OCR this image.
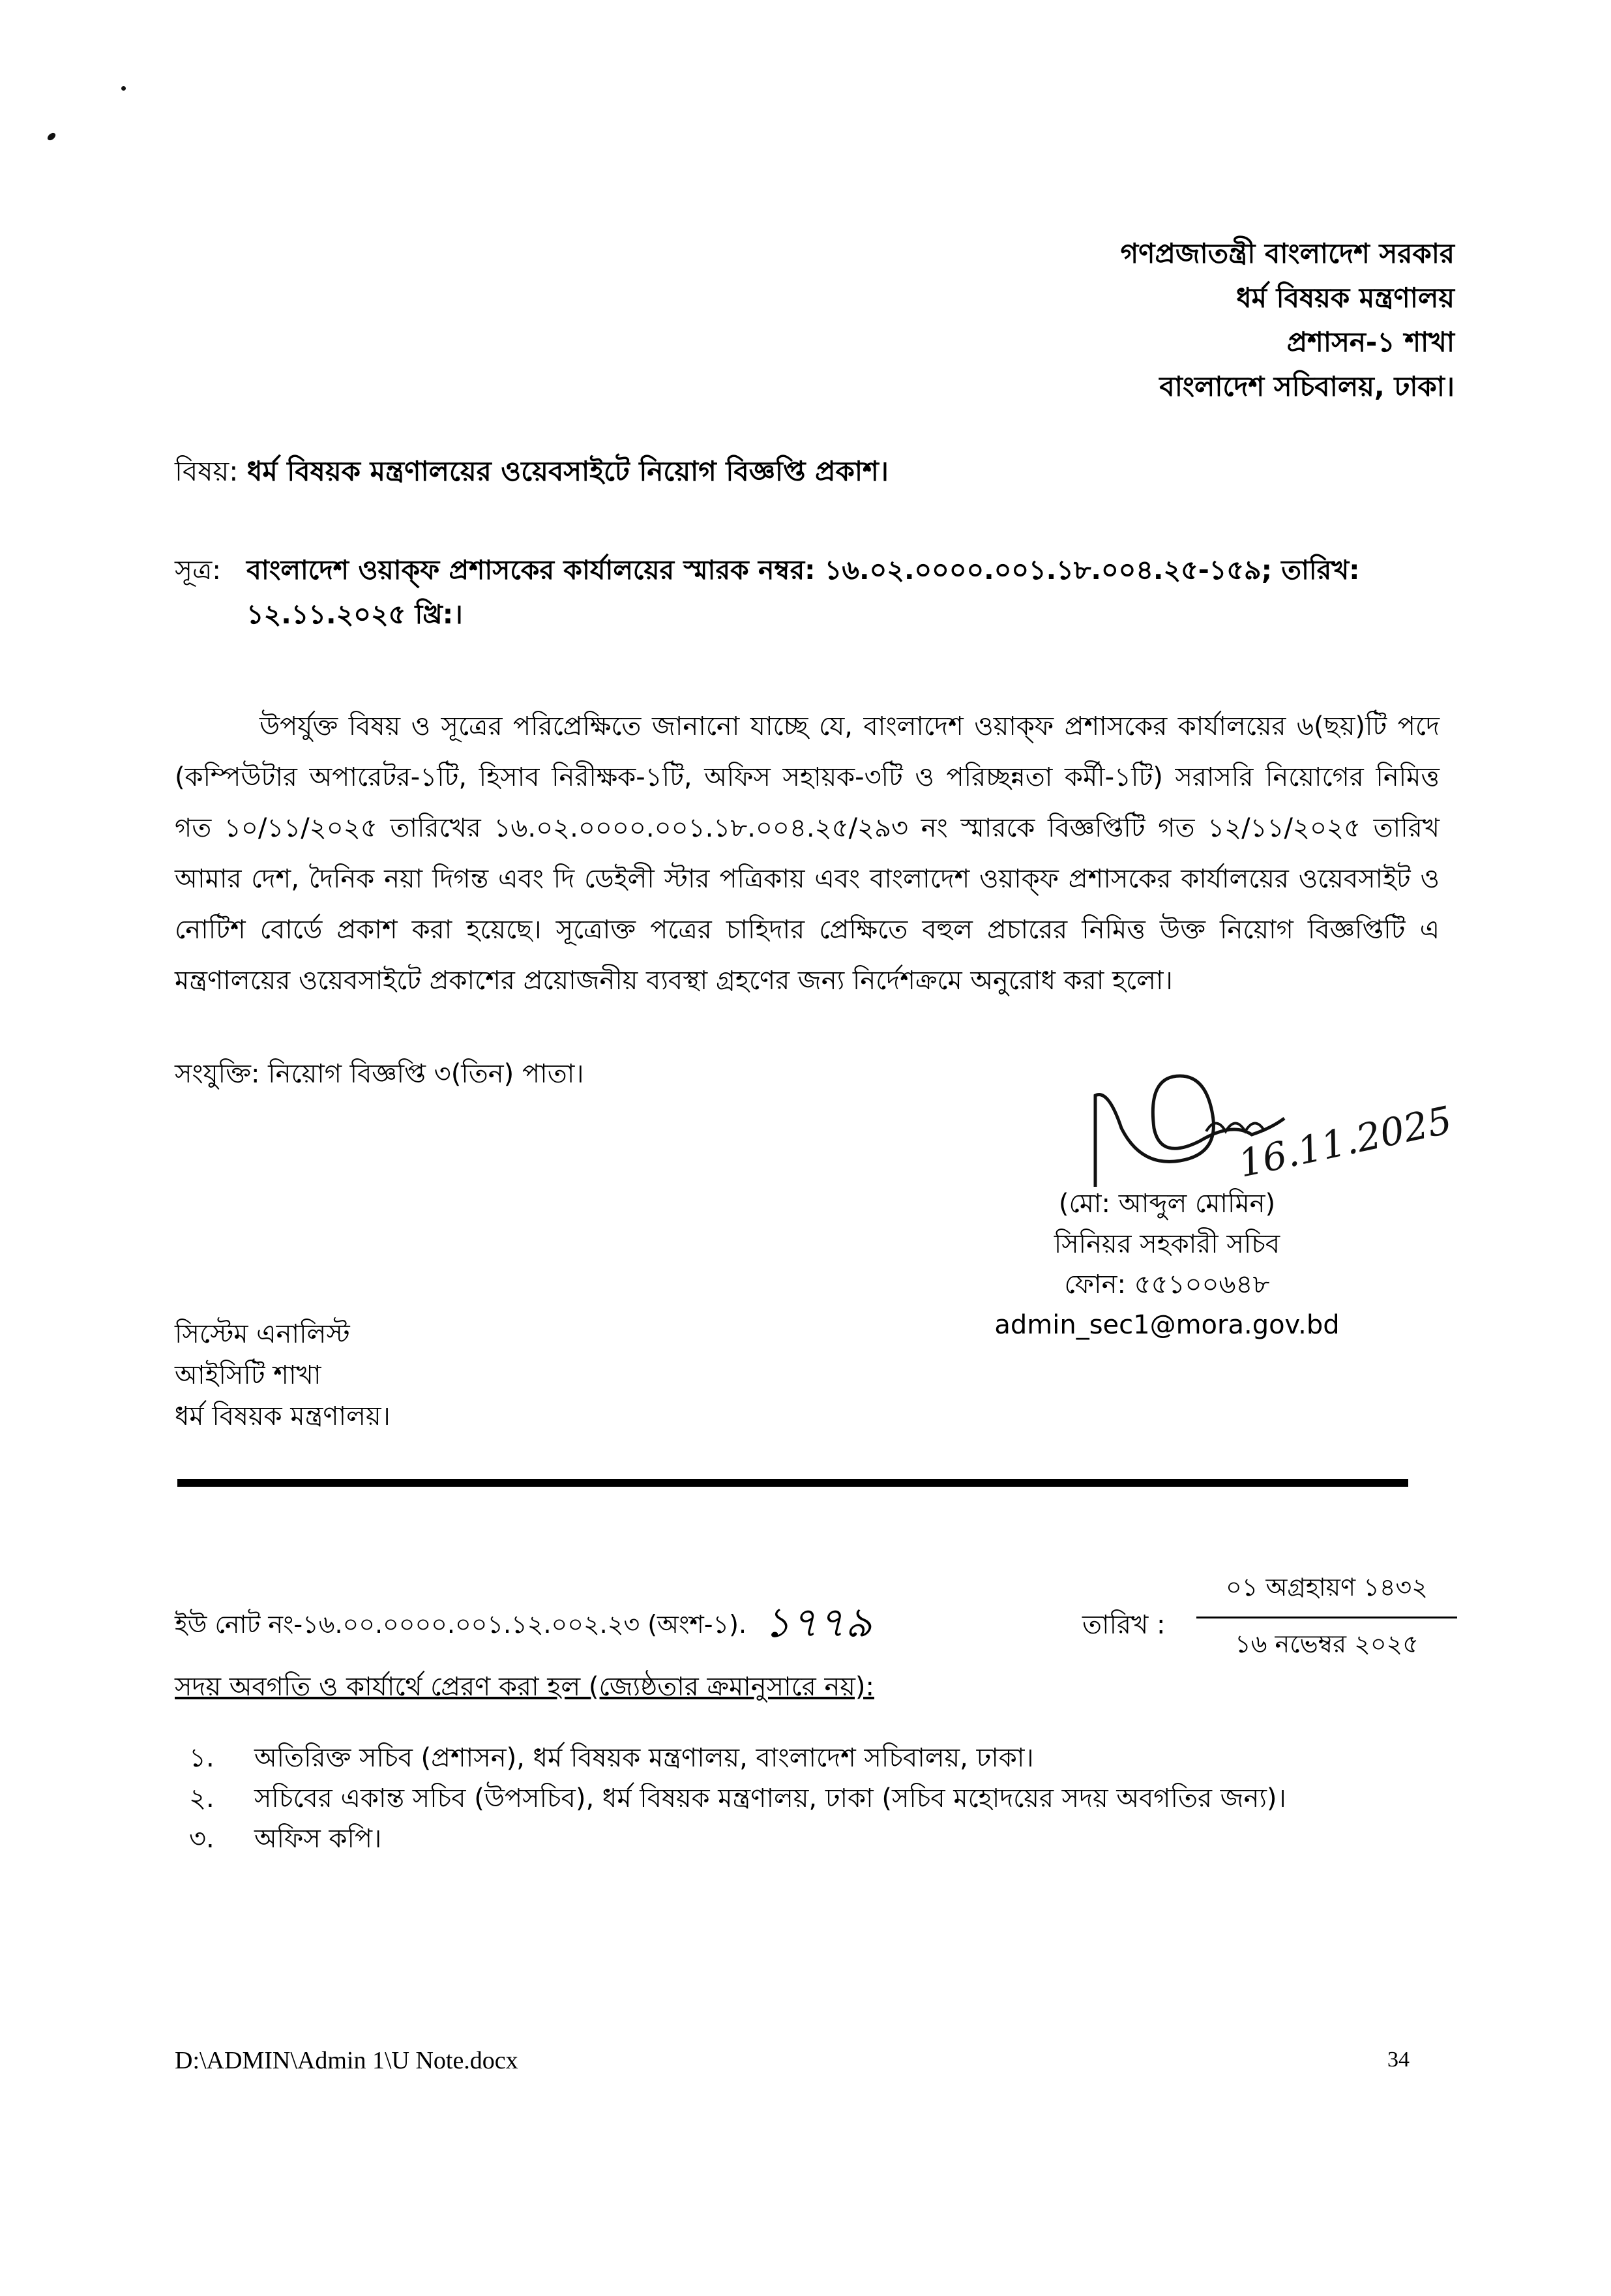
গণপ্রজাতন্ত্রী বাংলাদেশ সরকার
ধর্ম বিষয়ক মন্ত্রণালয়
প্রশাসন-১ শাখা
বাংলাদেশ সচিবালয়, ঢাকা।
বিষয়: ধর্ম বিষয়ক মন্ত্রণালয়ের ওয়েবসাইটে নিয়োগ বিজ্ঞপ্তি প্রকাশ।
সূত্র: বাংলাদেশ ওয়াক্ফ প্রশাসকের কার্যালয়ের স্মারক নম্বর: ১৬.০২.০০০০.০০১.১৮.০০৪.২৫-১৫৯; তারিখ:
১২.১১.২০২৫ খ্রি:।
উপর্যুক্ত বিষয় ও সূত্রের পরিপ্রেক্ষিতে জানানো যাচ্ছে যে, বাংলাদেশ ওয়াক্ফ প্রশাসকের কার্যালয়ের ৬(ছয়)টি পদে (কম্পিউটার অপারেটর-১টি, হিসাব নিরীক্ষক-১টি, অফিস সহায়ক-৩টি ও পরিচ্ছন্নতা কর্মী-১টি) সরাসরি নিয়োগের নিমিত্ত গত ১০/১১/২০২৫ তারিখের ১৬.০২.০০০০.০০১.১৮.০০৪.২৫/২৯৩ নং স্মারকে বিজ্ঞপ্তিটি গত ১২/১১/২০২৫ তারিখ আমার দেশ, দৈনিক নয়া দিগন্ত এবং দি ডেইলী স্টার পত্রিকায় এবং বাংলাদেশ ওয়াক্ফ প্রশাসকের কার্যালয়ের ওয়েবসাইট ও নোটিশ বোর্ডে প্রকাশ করা হয়েছে। সূত্রোক্ত পত্রের চাহিদার প্রেক্ষিতে বহুল প্রচারের নিমিত্ত উক্ত নিয়োগ বিজ্ঞপ্তিটি এ মন্ত্রণালয়ের ওয়েবসাইটে প্রকাশের প্রয়োজনীয় ব্যবস্থা গ্রহণের জন্য নির্দেশক্রমে অনুরোধ করা হলো।
সংযুক্তি: নিয়োগ বিজ্ঞপ্তি ৩(তিন) পাতা।
16.11.2025
(মো: আব্দুল মোমিন)
সিনিয়র সহকারী সচিব
ফোন: ৫৫১০০৬৪৮
admin_sec1@mora.gov.bd
সিস্টেম এনালিস্ট
আইসিটি শাখা
ধর্ম বিষয়ক মন্ত্রণালয়।
ইউ নোট নং-১৬.০০.০০০০.০০১.১২.০০২.২৩ (অংশ-১). ১৭৭৯	তারিখ :
০১ অগ্রহায়ণ ১৪৩২
১৬ নভেম্বর ২০২৫
সদয় অবগতি ও কার্যার্থে প্রেরণ করা হল (জ্যেষ্ঠতার ক্রমানুসারে নয়):
১.	অতিরিক্ত সচিব (প্রশাসন), ধর্ম বিষয়ক মন্ত্রণালয়, বাংলাদেশ সচিবালয়, ঢাকা।
২.	সচিবের একান্ত সচিব (উপসচিব), ধর্ম বিষয়ক মন্ত্রণালয়, ঢাকা (সচিব মহোদয়ের সদয় অবগতির জন্য)।
৩.	অফিস কপি।
D:\ADMIN\Admin 1\U Note.docx	34
